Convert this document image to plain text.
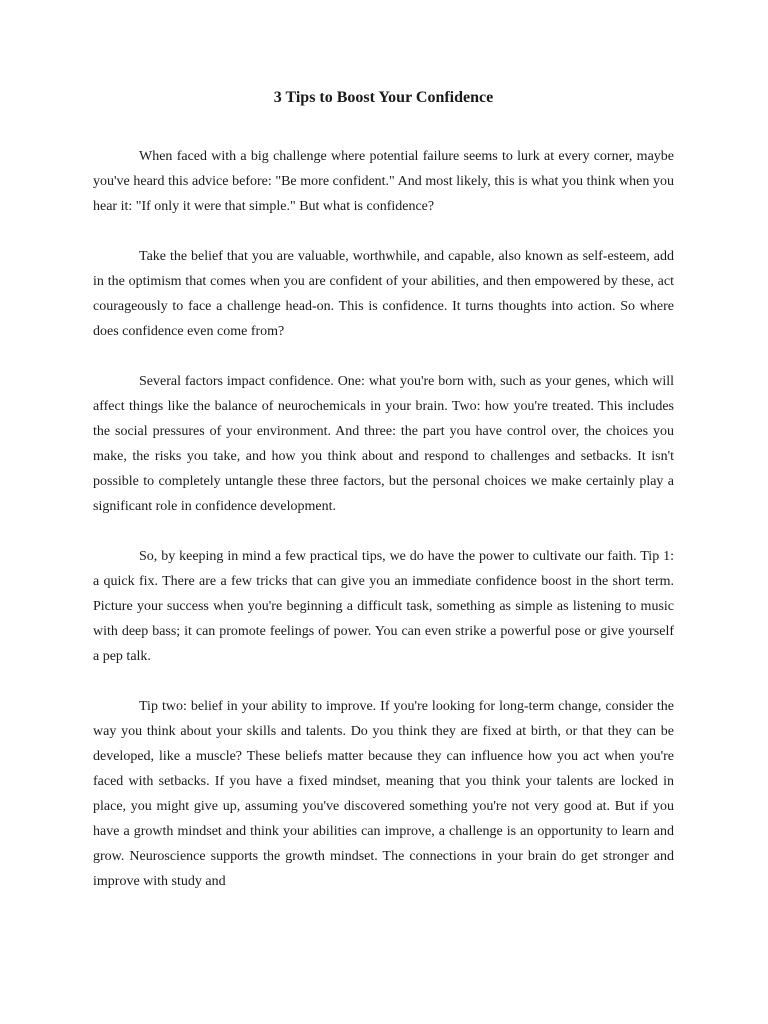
3 Tips to Boost Your Confidence

When faced with a big challenge where potential failure seems to lurk at every corner, maybe you've heard this advice before: "Be more confident." And most likely, this is what you think when you hear it: "If only it were that simple." But what is confidence?

Take the belief that you are valuable, worthwhile, and capable, also known as self-esteem, add in the optimism that comes when you are confident of your abilities, and then empowered by these, act courageously to face a challenge head-on. This is confidence. It turns thoughts into action. So where does confidence even come from?

Several factors impact confidence. One: what you're born with, such as your genes, which will affect things like the balance of neurochemicals in your brain. Two: how you're treated. This includes the social pressures of your environment. And three: the part you have control over, the choices you make, the risks you take, and how you think about and respond to challenges and setbacks. It isn't possible to completely untangle these three factors, but the personal choices we make certainly play a significant role in confidence development.

So, by keeping in mind a few practical tips, we do have the power to cultivate our faith. Tip 1: a quick fix. There are a few tricks that can give you an immediate confidence boost in the short term. Picture your success when you're beginning a difficult task, something as simple as listening to music with deep bass; it can promote feelings of power. You can even strike a powerful pose or give yourself a pep talk.

Tip two: belief in your ability to improve. If you're looking for long-term change, consider the way you think about your skills and talents. Do you think they are fixed at birth, or that they can be developed, like a muscle? These beliefs matter because they can influence how you act when you're faced with setbacks. If you have a fixed mindset, meaning that you think your talents are locked in place, you might give up, assuming you've discovered something you're not very good at. But if you have a growth mindset and think your abilities can improve, a challenge is an opportunity to learn and grow. Neuroscience supports the growth mindset. The connections in your brain do get stronger and improve with study and
